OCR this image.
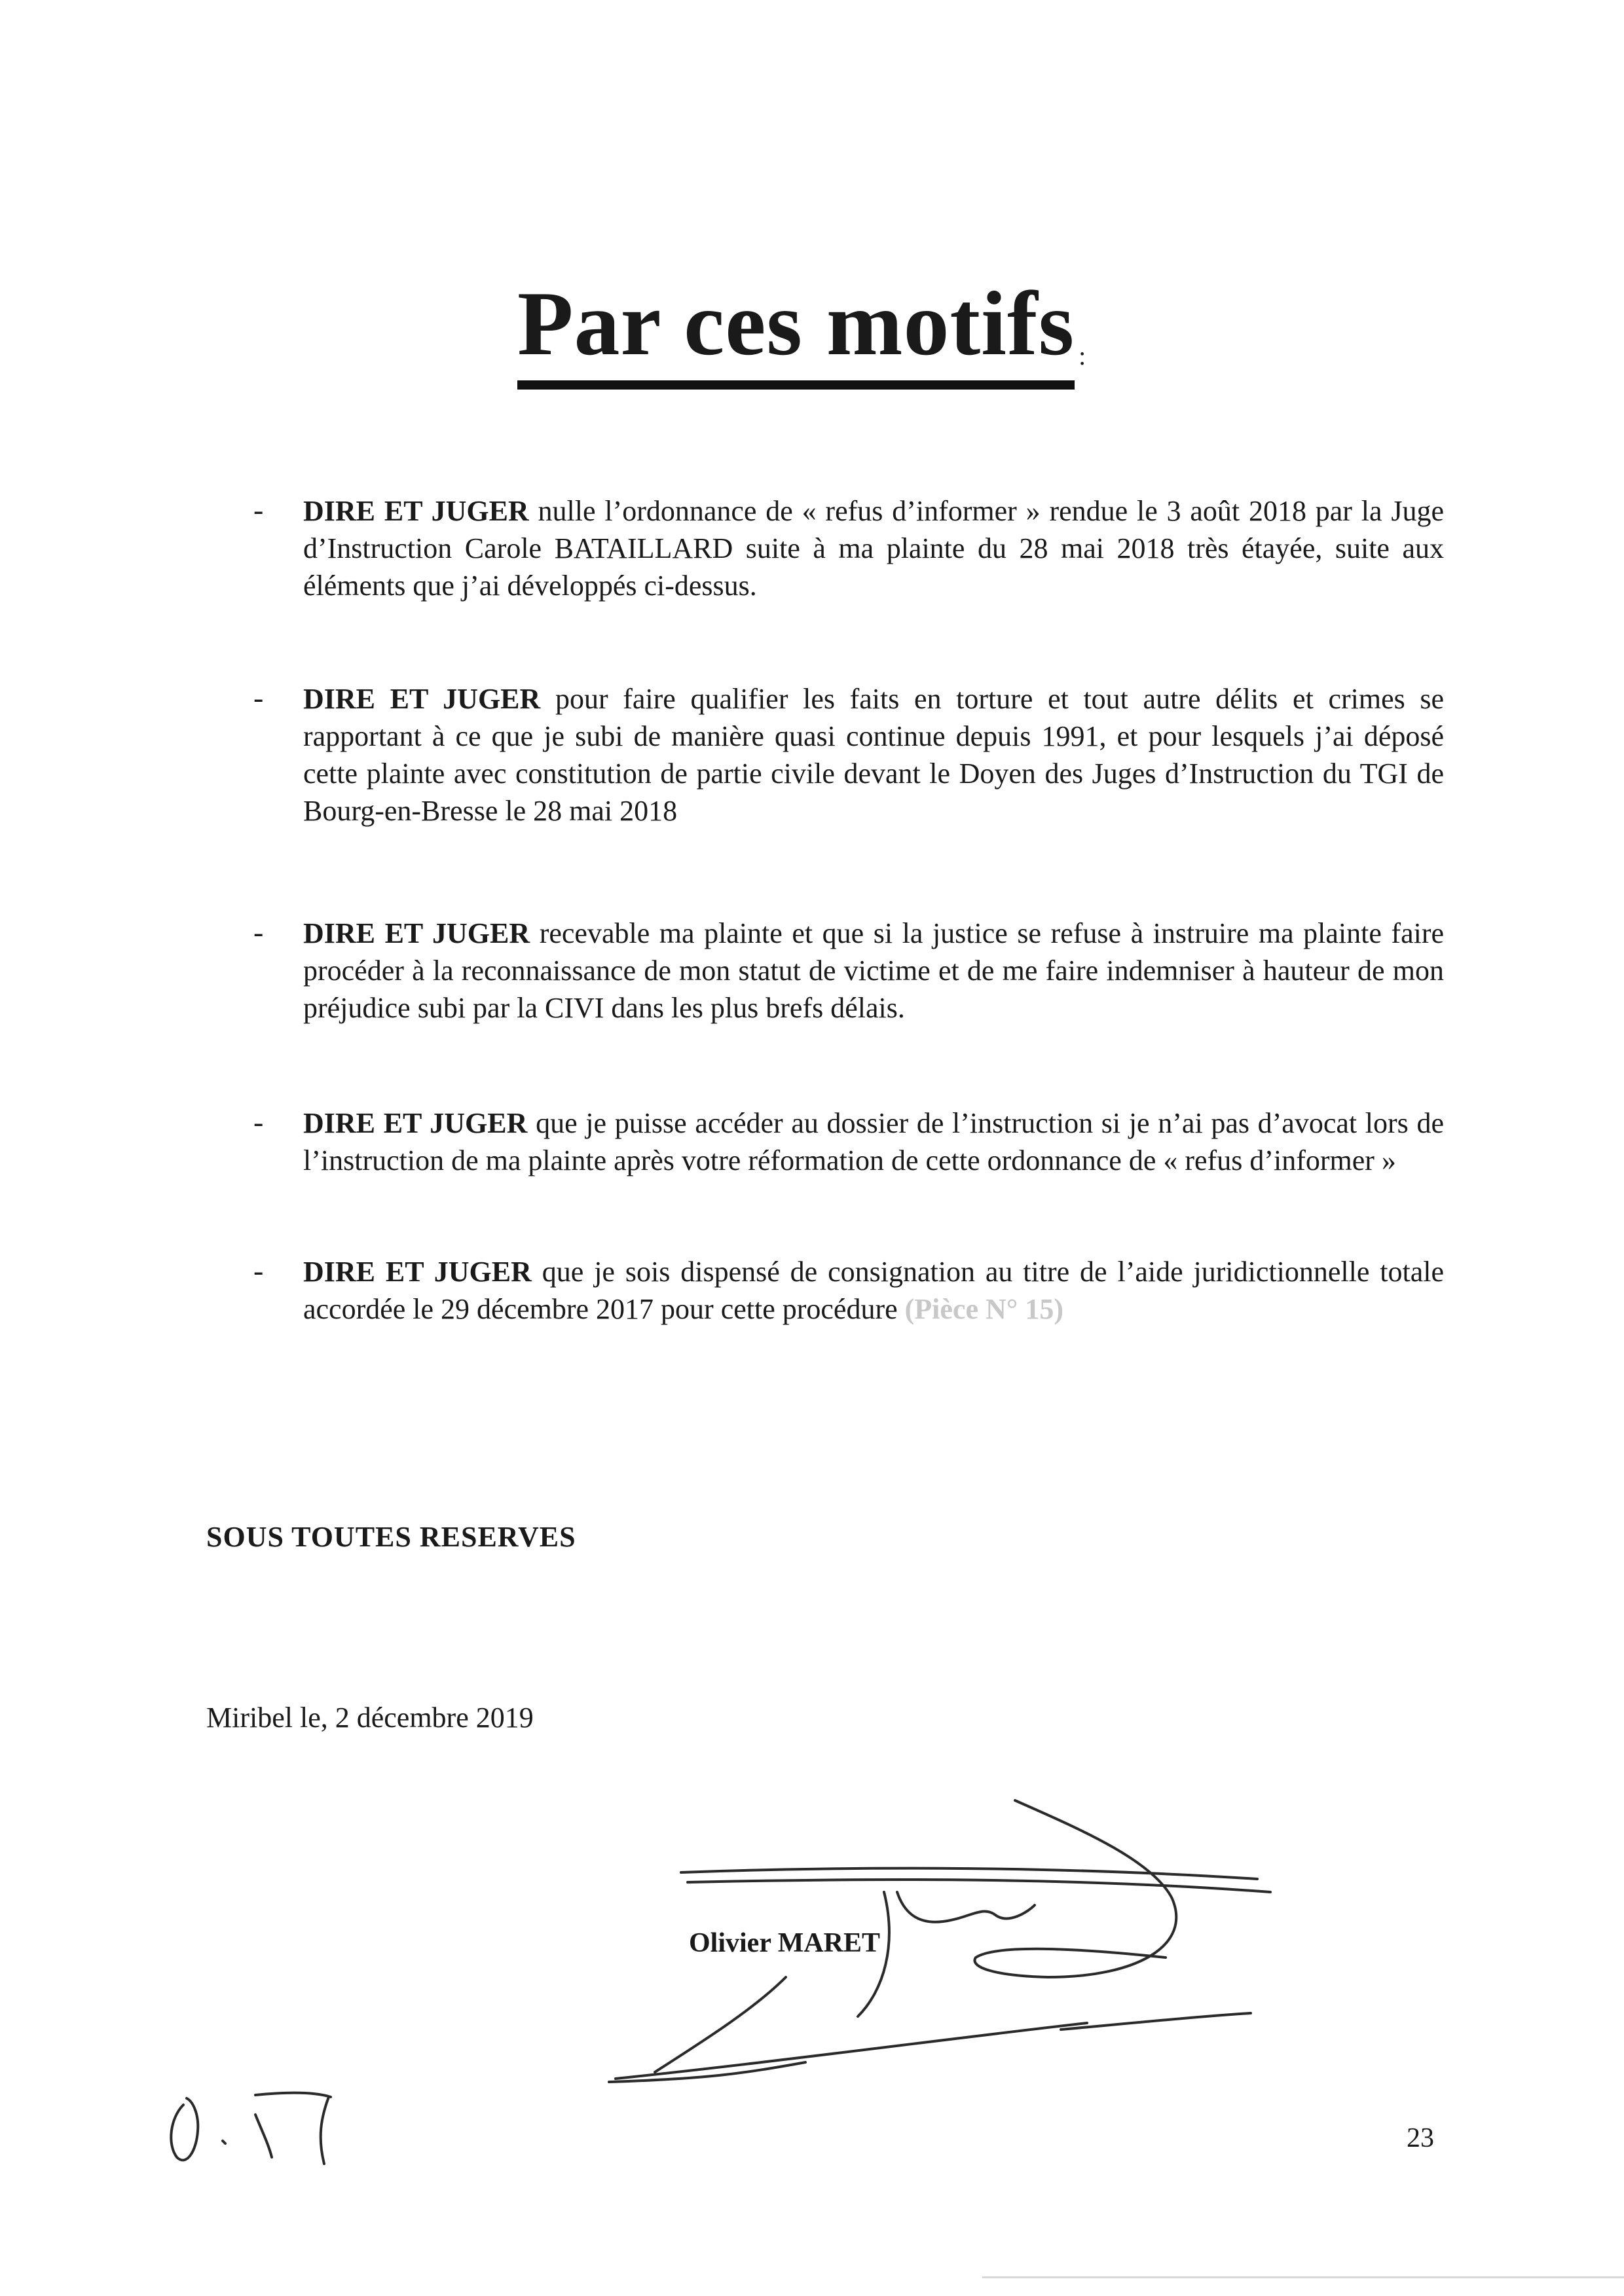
Par ces motifs :
- DIRE ET JUGER nulle l’ordonnance de « refus d’informer » rendue le 3 août 2018 par la Juge d’Instruction Carole BATAILLARD suite à ma plainte du 28 mai 2018 très étayée, suite aux éléments que j’ai développés ci-dessus.

- DIRE ET JUGER pour faire qualifier les faits en torture et tout autre délits et crimes se rapportant à ce que je subi de manière quasi continue depuis 1991, et pour lesquels j’ai déposé cette plainte avec constitution de partie civile devant le Doyen des Juges d’Instruction du TGI de Bourg-en-Bresse le 28 mai 2018

- DIRE ET JUGER recevable ma plainte et que si la justice se refuse à instruire ma plainte faire procéder à la reconnaissance de mon statut de victime et de me faire indemniser à hauteur de mon préjudice subi par la CIVI dans les plus brefs délais.

- DIRE ET JUGER que je puisse accéder au dossier de l’instruction si je n’ai pas d’avocat lors de l’instruction de ma plainte après votre réformation de cette ordonnance de « refus d’informer »

- DIRE ET JUGER que je sois dispensé de consignation au titre de l’aide juridictionnelle totale accordée le 29 décembre 2017 pour cette procédure (Pièce N° 15)

SOUS TOUTES RESERVES
Miribel le, 2 décembre 2019
Olivier MARET
23
